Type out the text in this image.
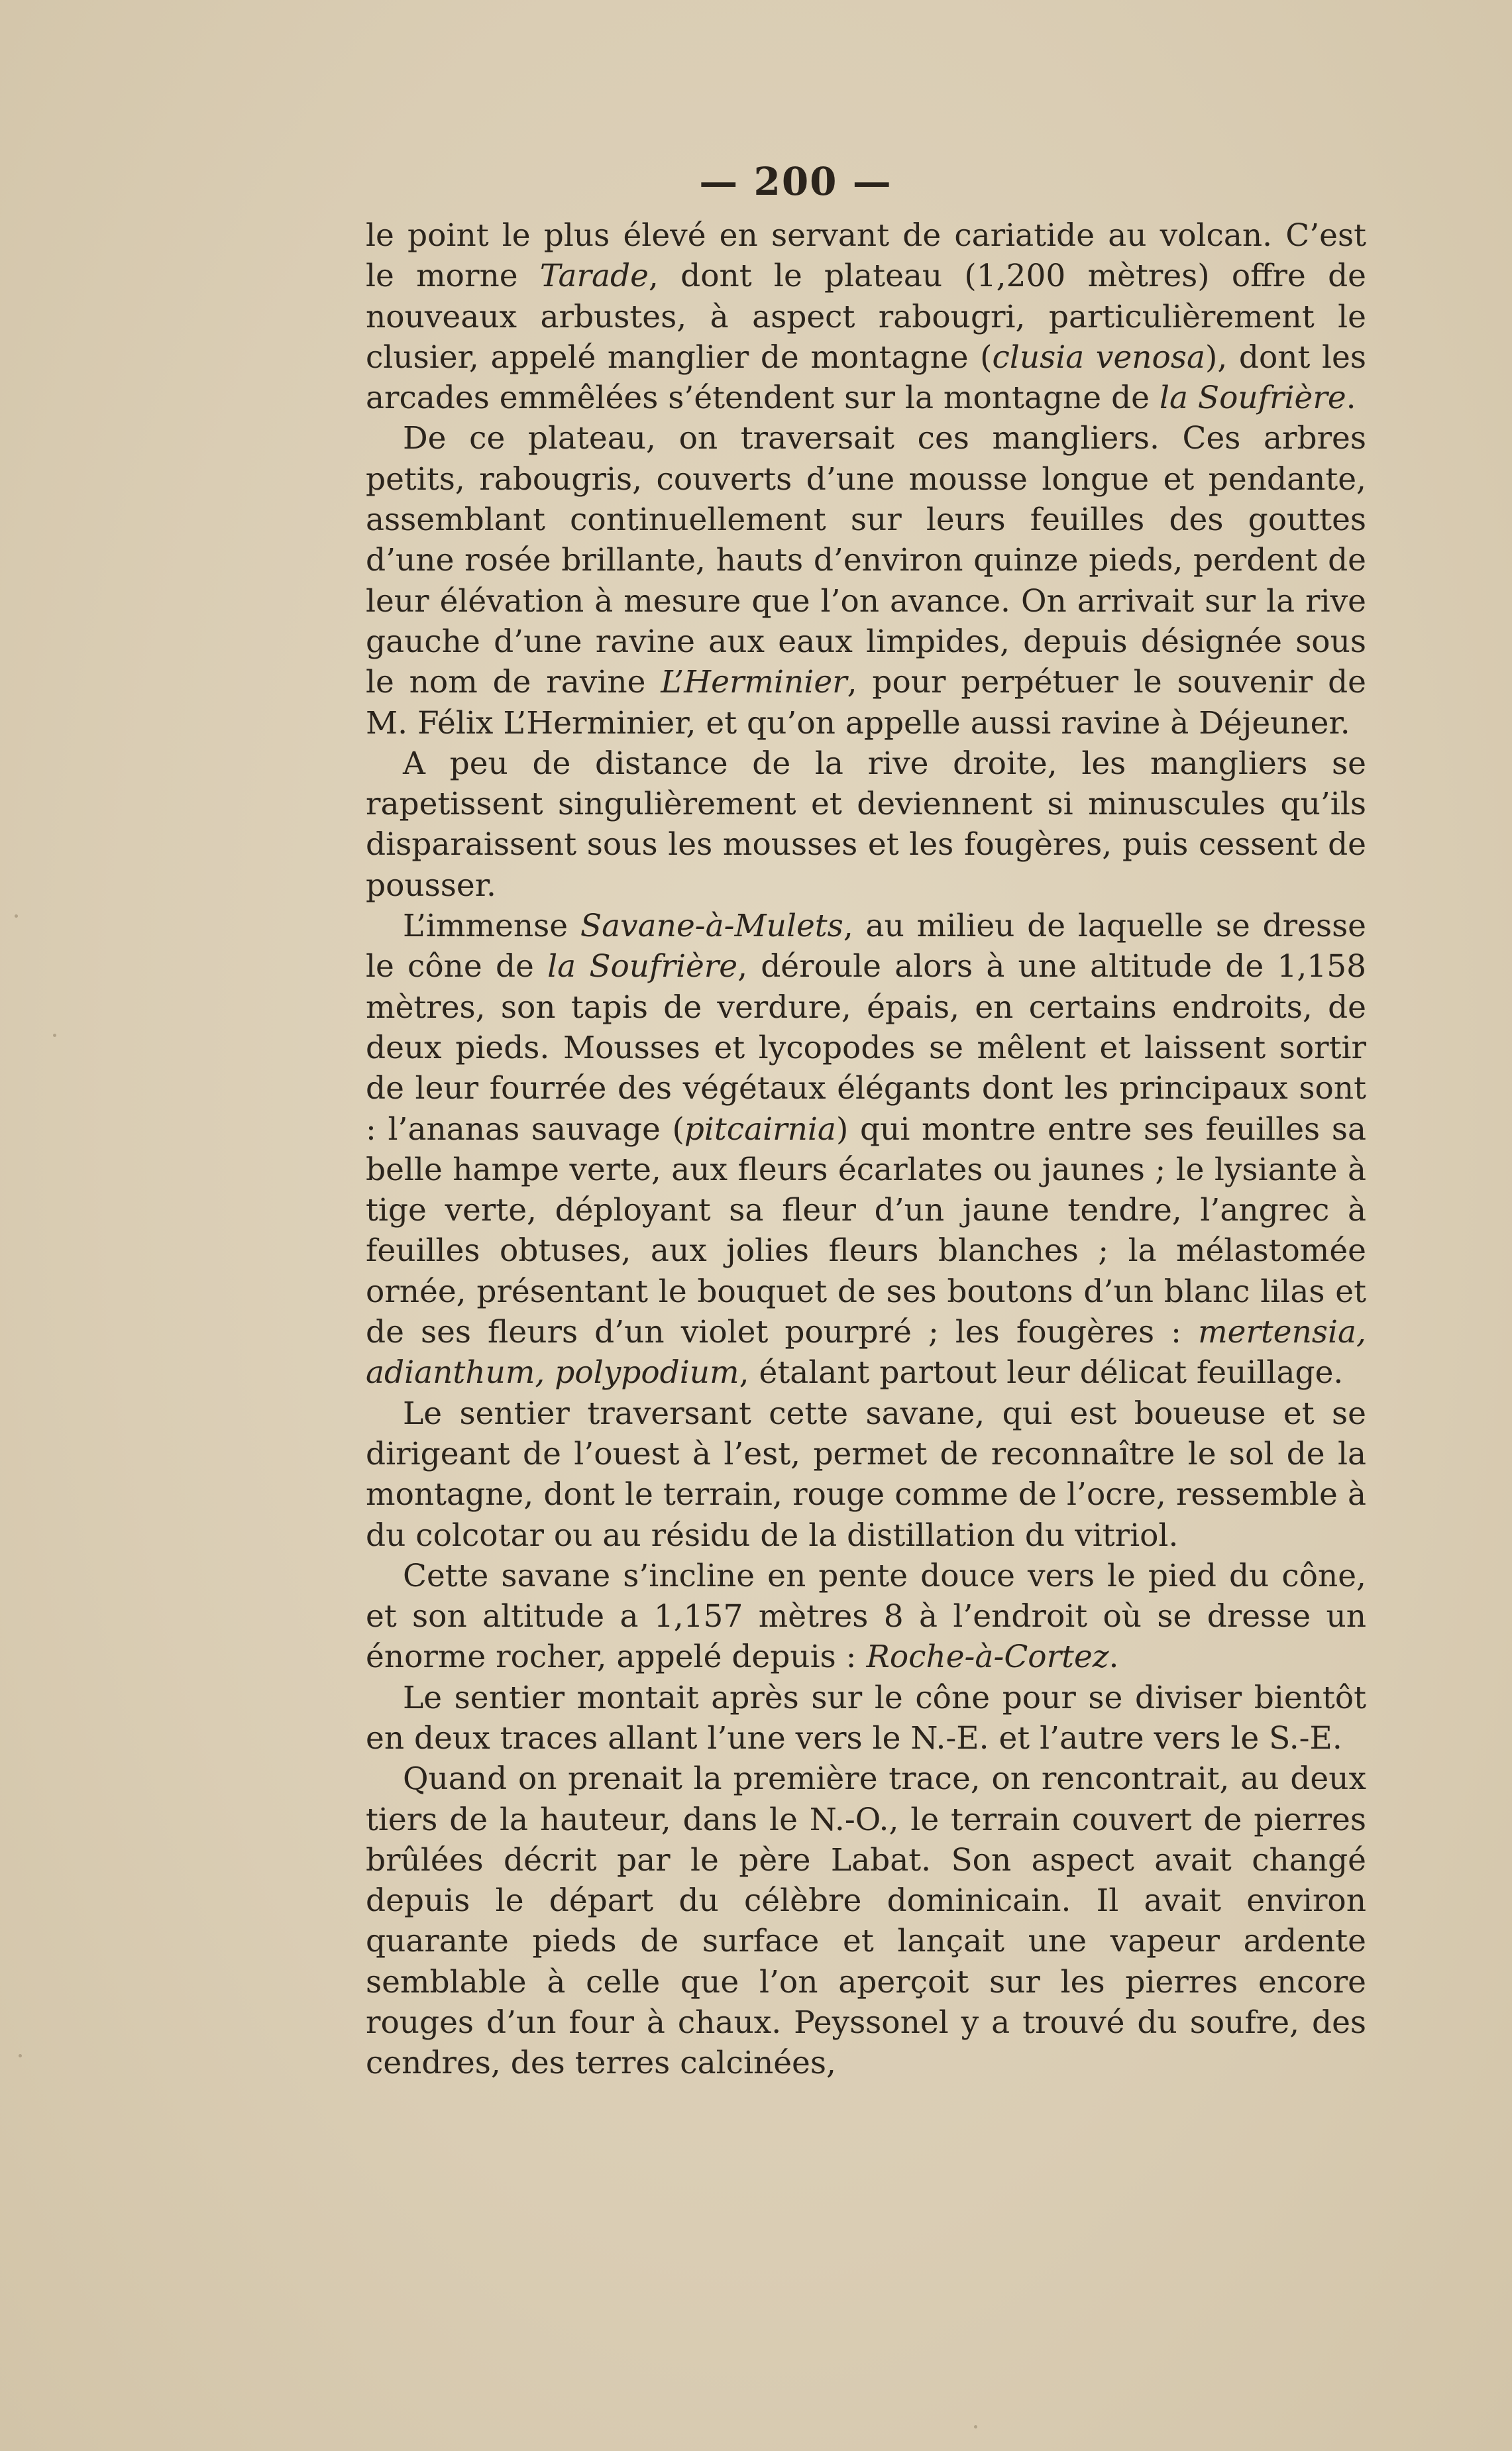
— 200 —

le point le plus élevé en servant de cariatide au volcan. C’est le morne Tarade, dont le plateau (1,200 mètres) offre de nouveaux arbustes, à aspect rabougri, particulièrement le clusier, appelé manglier de montagne (clusia venosa), dont les arcades emmêlées s’étendent sur la montagne de la Soufrière.

De ce plateau, on traversait ces mangliers. Ces arbres petits, rabougris, couverts d’une mousse longue et pendante, assemblant continuellement sur leurs feuilles des gouttes d’une rosée brillante, hauts d’environ quinze pieds, perdent de leur élévation à mesure que l’on avance. On arrivait sur la rive gauche d’une ravine aux eaux limpides, depuis désignée sous le nom de ravine L’Herminier, pour perpétuer le souvenir de M. Félix L’Herminier, et qu’on appelle aussi ravine à Déjeuner.

A peu de distance de la rive droite, les mangliers se rapetissent singulièrement et deviennent si minuscules qu’ils disparaissent sous les mousses et les fougères, puis cessent de pousser.

L’immense Savane-à-Mulets, au milieu de laquelle se dresse le cône de la Soufrière, déroule alors à une altitude de 1,158 mètres, son tapis de verdure, épais, en certains endroits, de deux pieds. Mousses et lycopodes se mêlent et laissent sortir de leur fourrée des végétaux élégants dont les principaux sont : l’ananas sauvage (pitcairnia) qui montre entre ses feuilles sa belle hampe verte, aux fleurs écarlates ou jaunes ; le lysiante à tige verte, déployant sa fleur d’un jaune tendre, l’angrec à feuilles obtuses, aux jolies fleurs blanches ; la mélastomée ornée, présentant le bouquet de ses boutons d’un blanc lilas et de ses fleurs d’un violet pourpré ; les fougères : mertensia, adianthum, polypodium, étalant partout leur délicat feuillage.

Le sentier traversant cette savane, qui est boueuse et se dirigeant de l’ouest à l’est, permet de reconnaître le sol de la montagne, dont le terrain, rouge comme de l’ocre, ressemble à du colcotar ou au résidu de la distillation du vitriol.

Cette savane s’incline en pente douce vers le pied du cône, et son altitude a 1,157 mètres 8 à l’endroit où se dresse un énorme rocher, appelé depuis : Roche-à-Cortez.

Le sentier montait après sur le cône pour se diviser bientôt en deux traces allant l’une vers le N.-E. et l’autre vers le S.-E.

Quand on prenait la première trace, on rencontrait, au deux tiers de la hauteur, dans le N.-O., le terrain couvert de pierres brûlées décrit par le père Labat. Son aspect avait changé depuis le départ du célèbre dominicain. Il avait environ quarante pieds de surface et lançait une vapeur ardente semblable à celle que l’on aperçoit sur les pierres encore rouges d’un four à chaux. Peyssonel y a trouvé du soufre, des cendres, des terres calcinées,
